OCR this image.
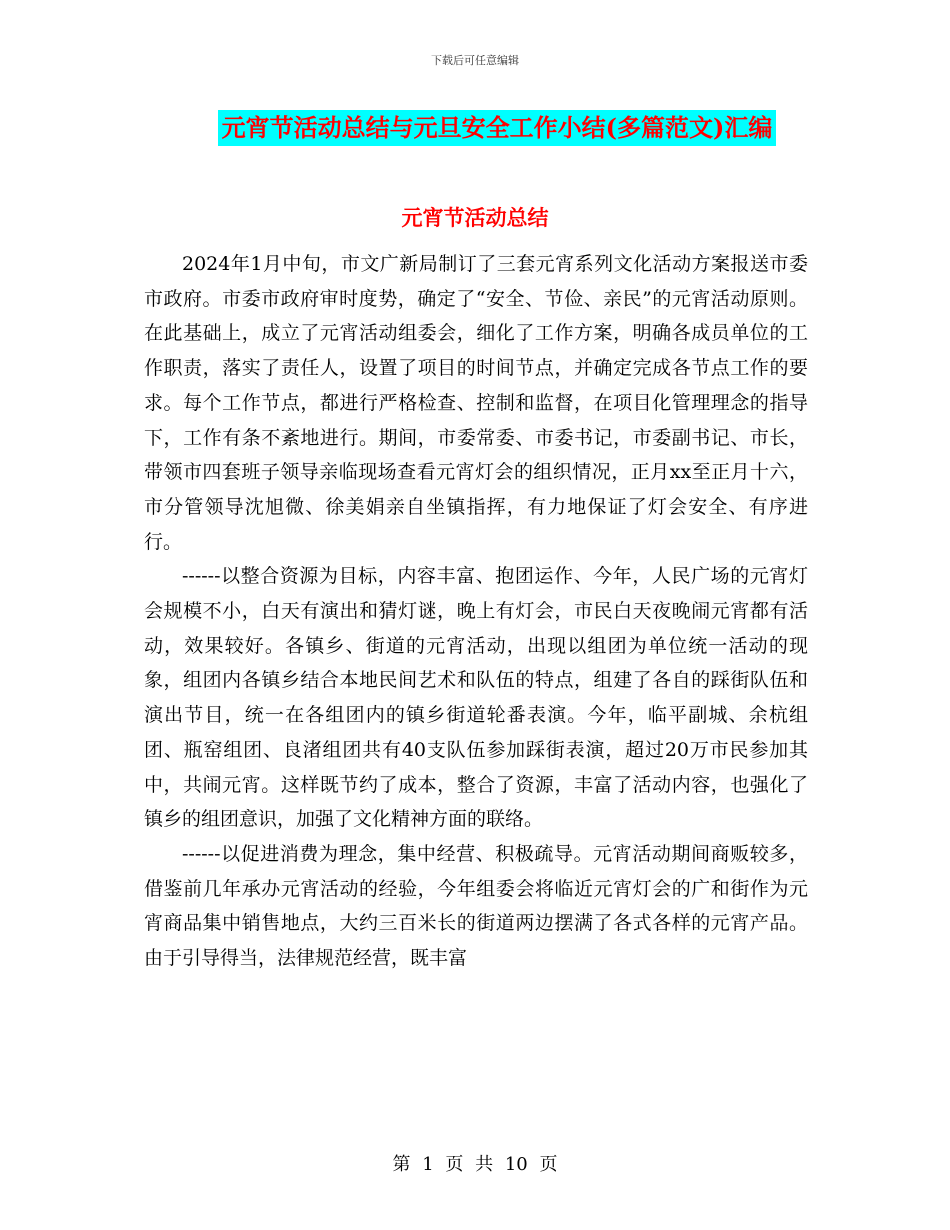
下载后可任意编辑
元宵节活动总结与元旦安全工作小结(多篇范文)汇编
元宵节活动总结

2024年1月中旬，市文广新局制订了三套元宵系列文化活动方案报送市委市政府。市委市政府审时度势，确定了“安全、节俭、亲民”的元宵活动原则。在此基础上，成立了元宵活动组委会，细化了工作方案，明确各成员单位的工作职责，落实了责任人，设置了项目的时间节点，并确定完成各节点工作的要求。每个工作节点，都进行严格检查、控制和监督，在项目化管理理念的指导下，工作有条不紊地进行。期间，市委常委、市委书记，市委副书记、市长，带领市四套班子领导亲临现场查看元宵灯会的组织情况，正月xx至正月十六，市分管领导沈旭微、徐美娟亲自坐镇指挥，有力地保证了灯会安全、有序进行。

------以整合资源为目标，内容丰富、抱团运作、今年，人民广场的元宵灯会规模不小，白天有演出和猜灯谜，晚上有灯会，市民白天夜晚闹元宵都有活动，效果较好。各镇乡、街道的元宵活动，出现以组团为单位统一活动的现象，组团内各镇乡结合本地民间艺术和队伍的特点，组建了各自的踩街队伍和演出节目，统一在各组团内的镇乡街道轮番表演。今年，临平副城、余杭组团、瓶窑组团、良渚组团共有40支队伍参加踩街表演，超过20万市民参加其中，共闹元宵。这样既节约了成本，整合了资源，丰富了活动内容，也强化了镇乡的组团意识，加强了文化精神方面的联络。

------以促进消费为理念，集中经营、积极疏导。元宵活动期间商贩较多，借鉴前几年承办元宵活动的经验，今年组委会将临近元宵灯会的广和街作为元宵商品集中销售地点，大约三百米长的街道两边摆满了各式各样的元宵产品。由于引导得当，法律规范经营，既丰富

第 1 页 共 10 页
